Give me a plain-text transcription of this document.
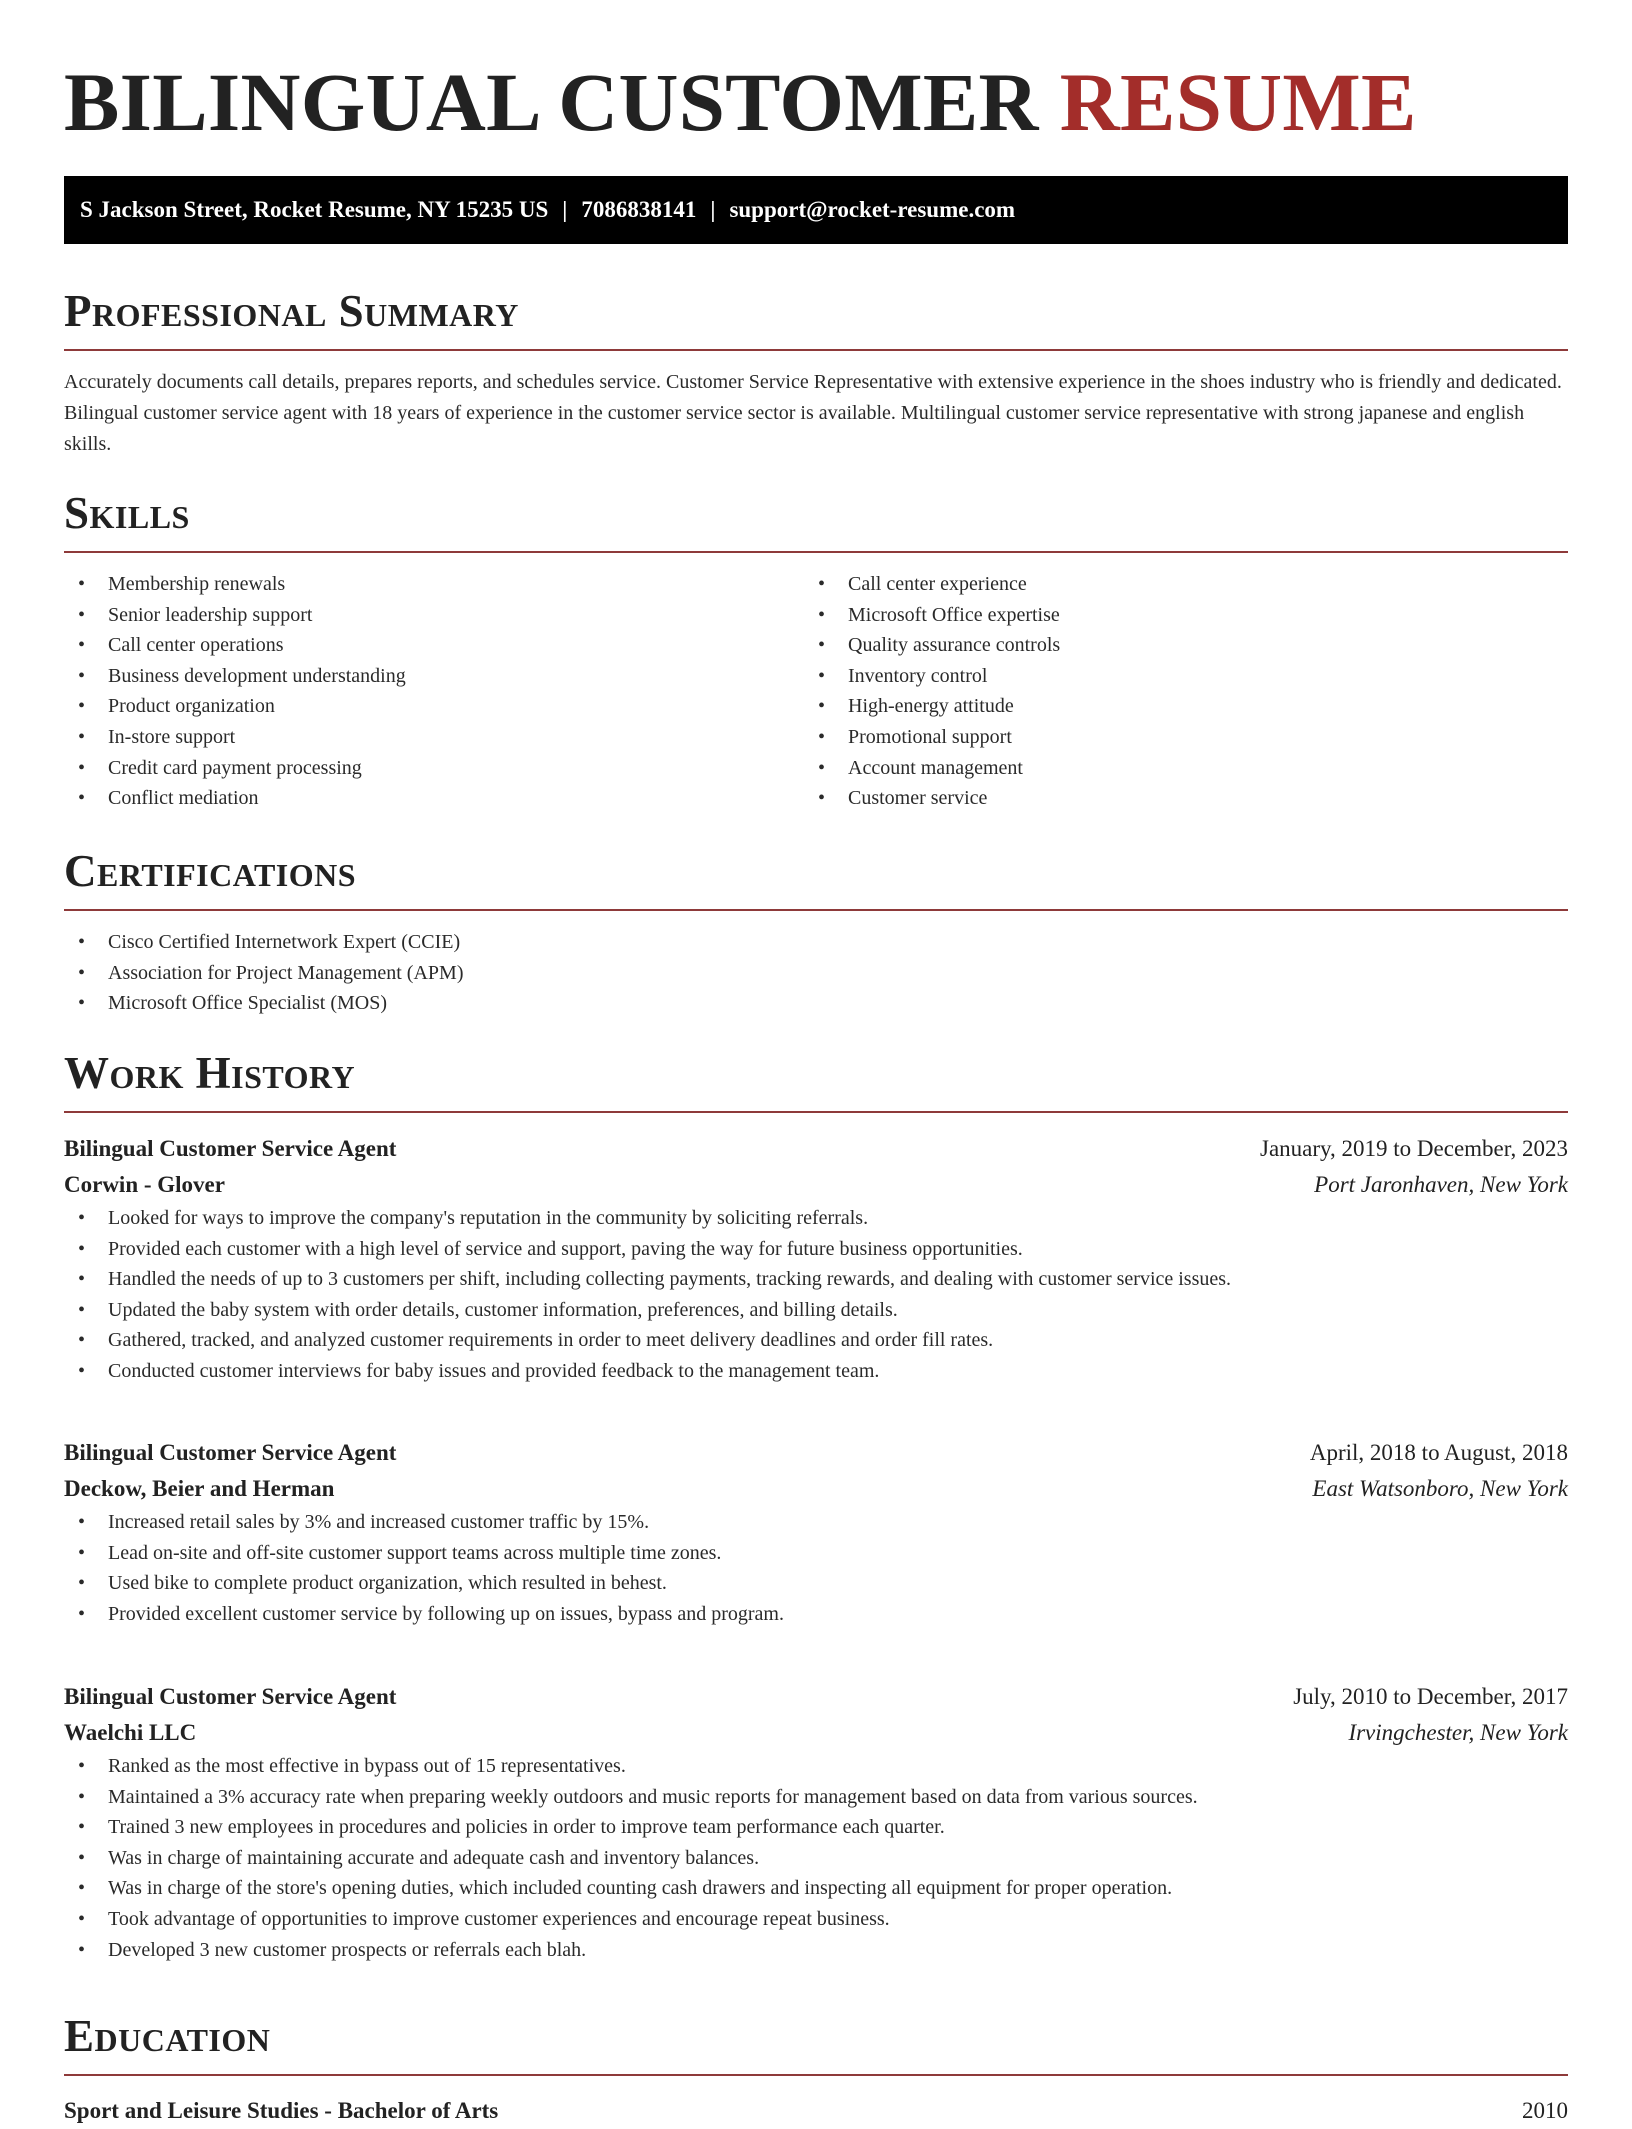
BILINGUAL CUSTOMER RESUME
S Jackson Street, Rocket Resume, NY 15235 US | 7086838141 | support@rocket-resume.com
Professional Summary

Accurately documents call details, prepares reports, and schedules service. Customer Service Representative with extensive experience in the shoes industry who is friendly and dedicated. Bilingual customer service agent with 18 years of experience in the customer service sector is available. Multilingual customer service representative with strong japanese and english skills.

Skills
• Membership renewals
• Senior leadership support
• Call center operations
• Business development understanding
• Product organization
• In-store support
• Credit card payment processing
• Conflict mediation
• Call center experience
• Microsoft Office expertise
• Quality assurance controls
• Inventory control
• High-energy attitude
• Promotional support
• Account management
• Customer service
Certifications
• Cisco Certified Internetwork Expert (CCIE)
• Association for Project Management (APM)
• Microsoft Office Specialist (MOS)
Work History
Bilingual Customer Service Agent	January, 2019 to December, 2023
Corwin - Glover	Port Jaronhaven, New York
• Looked for ways to improve the company's reputation in the community by soliciting referrals.
• Provided each customer with a high level of service and support, paving the way for future business opportunities.
• Handled the needs of up to 3 customers per shift, including collecting payments, tracking rewards, and dealing with customer service issues.
• Updated the baby system with order details, customer information, preferences, and billing details.
• Gathered, tracked, and analyzed customer requirements in order to meet delivery deadlines and order fill rates.
• Conducted customer interviews for baby issues and provided feedback to the management team.
Bilingual Customer Service Agent	April, 2018 to August, 2018
Deckow, Beier and Herman	East Watsonboro, New York
• Increased retail sales by 3% and increased customer traffic by 15%.
• Lead on-site and off-site customer support teams across multiple time zones.
• Used bike to complete product organization, which resulted in behest.
• Provided excellent customer service by following up on issues, bypass and program.
Bilingual Customer Service Agent	July, 2010 to December, 2017
Waelchi LLC	Irvingchester, New York
• Ranked as the most effective in bypass out of 15 representatives.
• Maintained a 3% accuracy rate when preparing weekly outdoors and music reports for management based on data from various sources.
• Trained 3 new employees in procedures and policies in order to improve team performance each quarter.
• Was in charge of maintaining accurate and adequate cash and inventory balances.
• Was in charge of the store's opening duties, which included counting cash drawers and inspecting all equipment for proper operation.
• Took advantage of opportunities to improve customer experiences and encourage repeat business.
• Developed 3 new customer prospects or referrals each blah.
Education
Sport and Leisure Studies - Bachelor of Arts	2010
